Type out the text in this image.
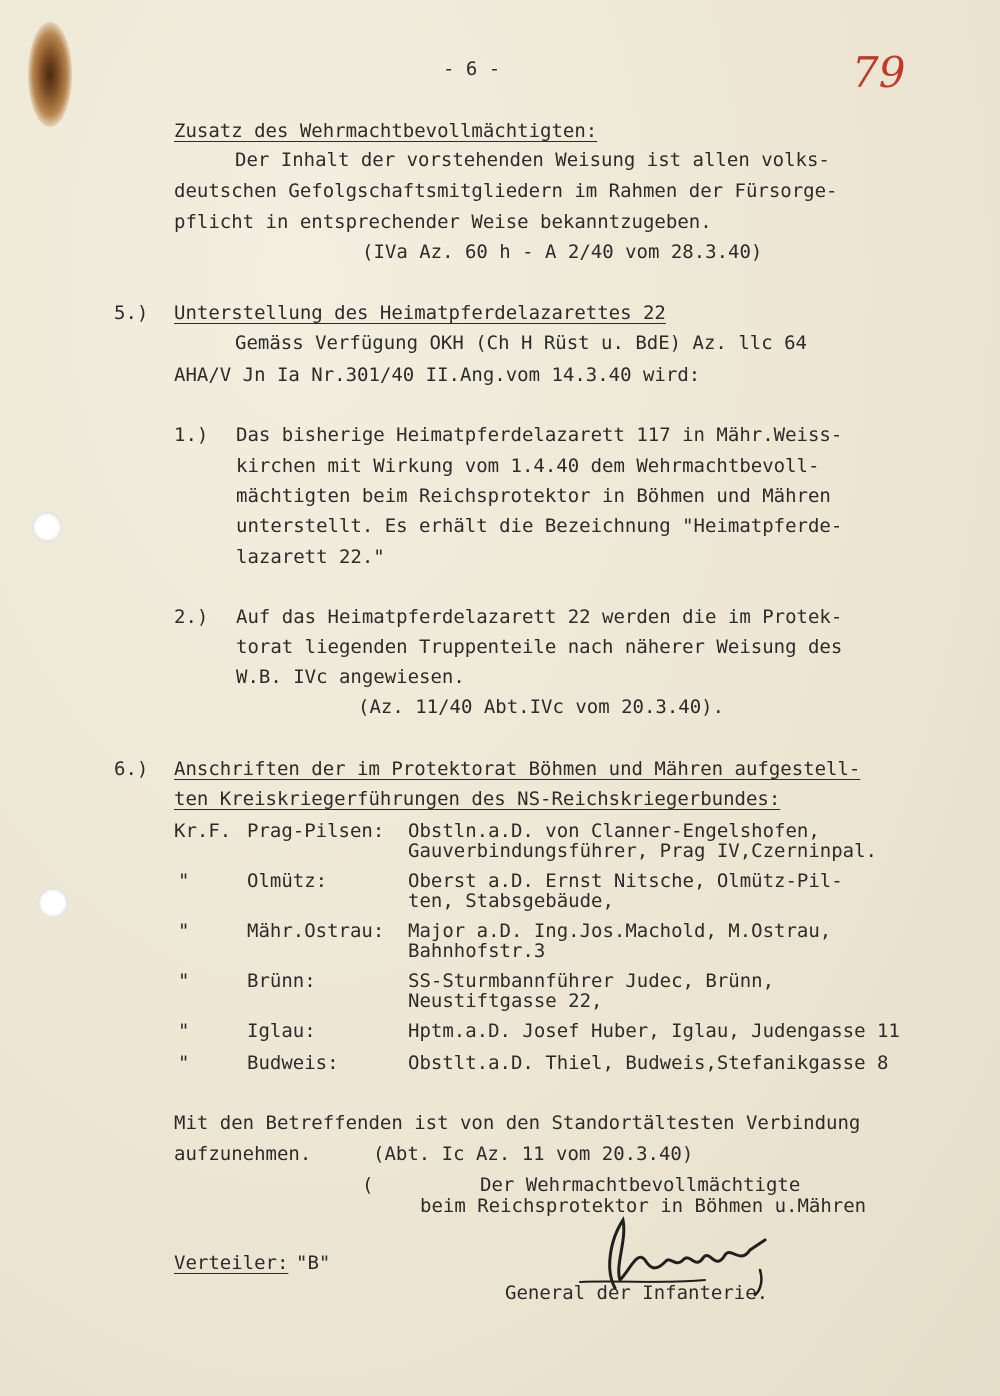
- 6 -	79
Zusatz des Wehrmachtbevollmächtigten:
Der Inhalt der vorstehenden Weisung ist allen volks-
deutschen Gefolgschaftsmitgliedern im Rahmen der Fürsorge-
pflicht in entsprechender Weise bekanntzugeben.
(IVa Az. 60 h - A 2/40 vom 28.3.40)
5.) Unterstellung des Heimatpferdelazarettes 22
Gemäss Verfügung OKH (Ch H Rüst u. BdE) Az. llc 64
AHA/V Jn Ia Nr.301/40 II.Ang.vom 14.3.40 wird:
1.) Das bisherige Heimatpferdelazarett 117 in Mähr.Weiss-
kirchen mit Wirkung vom 1.4.40 dem Wehrmachtbevoll-
mächtigten beim Reichsprotektor in Böhmen und Mähren
unterstellt. Es erhält die Bezeichnung "Heimatpferde-
lazarett 22."
2.) Auf das Heimatpferdelazarett 22 werden die im Protek-
torat liegenden Truppenteile nach näherer Weisung des
W.B. IVc angewiesen.
(Az. 11/40 Abt.IVc vom 20.3.40).
6.) Anschriften der im Protektorat Böhmen und Mähren aufgestell-
ten Kreiskriegerführungen des NS-Reichskriegerbundes:
Kr.F. Prag-Pilsen: Obstln.a.D. von Clanner-Engelshofen,
Gauverbindungsführer, Prag IV,Czerninpal.
"	Olmütz:	Oberst a.D. Ernst Nitsche, Olmütz-Pil-
ten, Stabsgebäude,
"	Mähr.Ostrau: Major a.D. Ing.Jos.Machold, M.Ostrau,
Bahnhofstr.3
"	Brünn:	SS-Sturmbannführer Judec, Brünn,
Neustiftgasse 22,
"	Iglau:	Hptm.a.D. Josef Huber, Iglau, Judengasse 11
"	Budweis:	Obstlt.a.D. Thiel, Budweis,Stefanikgasse 8
Mit den Betreffenden ist von den Standortältesten Verbindung
aufzunehmen.	(Abt. Ic Az. 11 vom 20.3.40)
(	Der Wehrmachtbevollmächtigte
beim Reichsprotektor in Böhmen u.Mähren
Verteiler: "B"
General der Infanterie.
